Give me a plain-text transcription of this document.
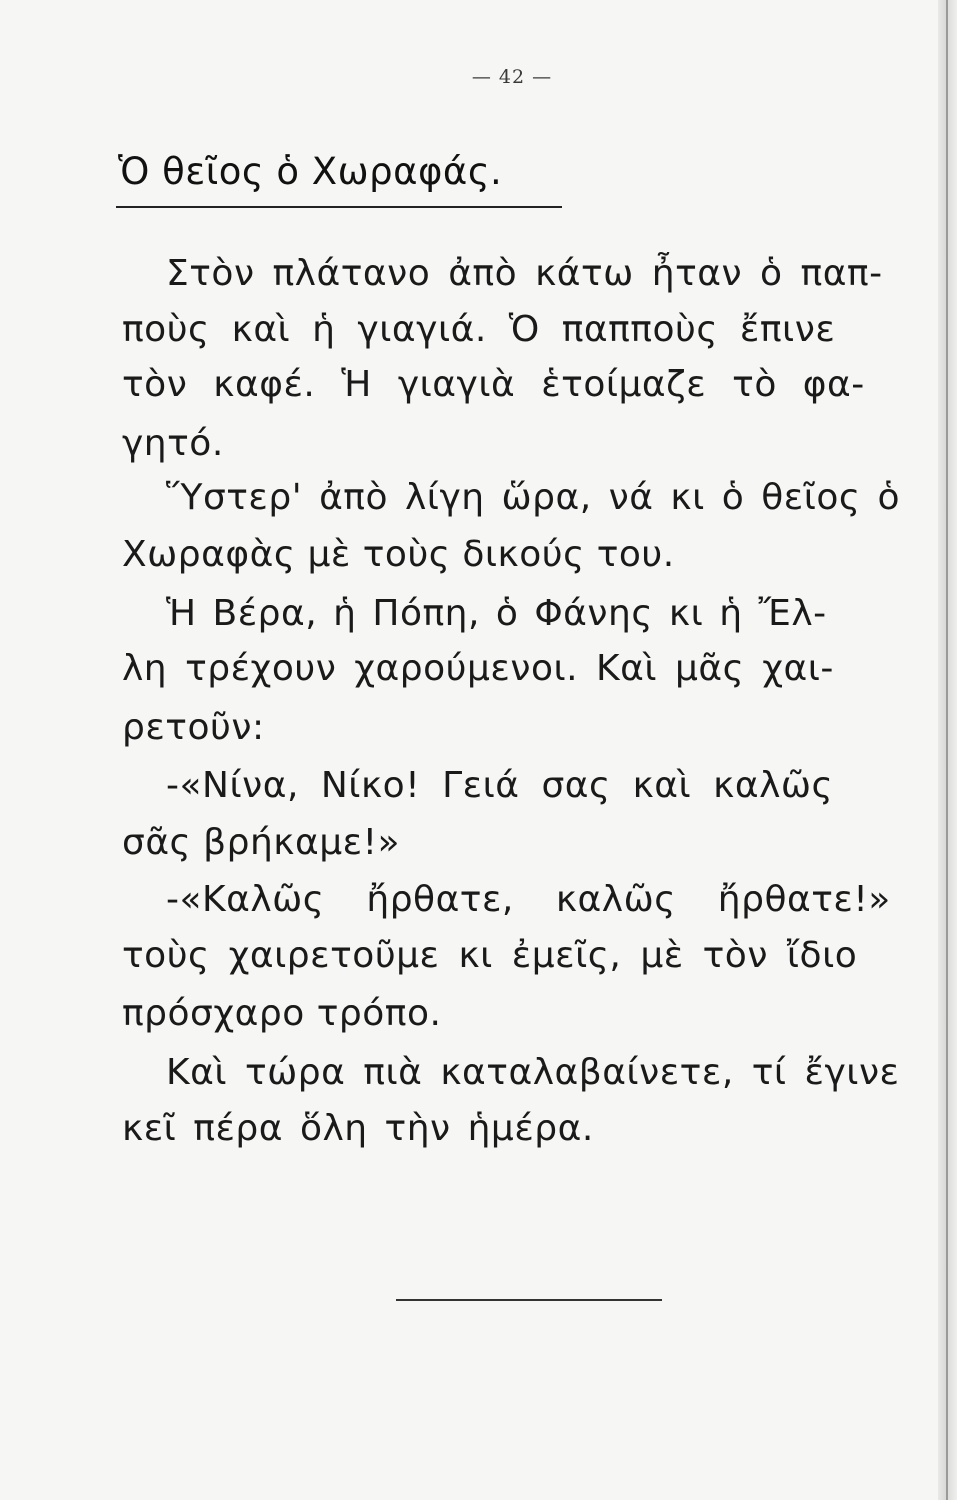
— 42 —
Ὁ θεῖος ὁ Χωραφάς.
Στὸν πλάτανο ἀπὸ κάτω ἦταν ὁ παπ-
ποὺς καὶ ἡ γιαγιά. Ὁ παπποὺς ἔπινε
τὸν καφέ. Ἡ γιαγιὰ ἑτοίμαζε τὸ φα-
γητό.
Ὕστερ' ἀπὸ λίγη ὥρα, νά κι ὁ θεῖος ὁ
Χωραφὰς μὲ τοὺς δικούς του.
Ἡ Βέρα, ἡ Πόπη, ὁ Φάνης κι ἡ Ἔλ-
λη τρέχουν χαρούμενοι. Καὶ μᾶς χαι-
ρετοῦν:
-«Νίνα, Νίκο! Γειά σας καὶ καλῶς
σᾶς βρήκαμε!»
-«Καλῶς ἤρθατε, καλῶς ἤρθατε!»
τοὺς χαιρετοῦμε κι ἐμεῖς, μὲ τὸν ἴδιο
πρόσχαρο τρόπο.
Καὶ τώρα πιὰ καταλαβαίνετε, τί ἔγινε
κεῖ πέρα ὅλη τὴν ἡμέρα.
